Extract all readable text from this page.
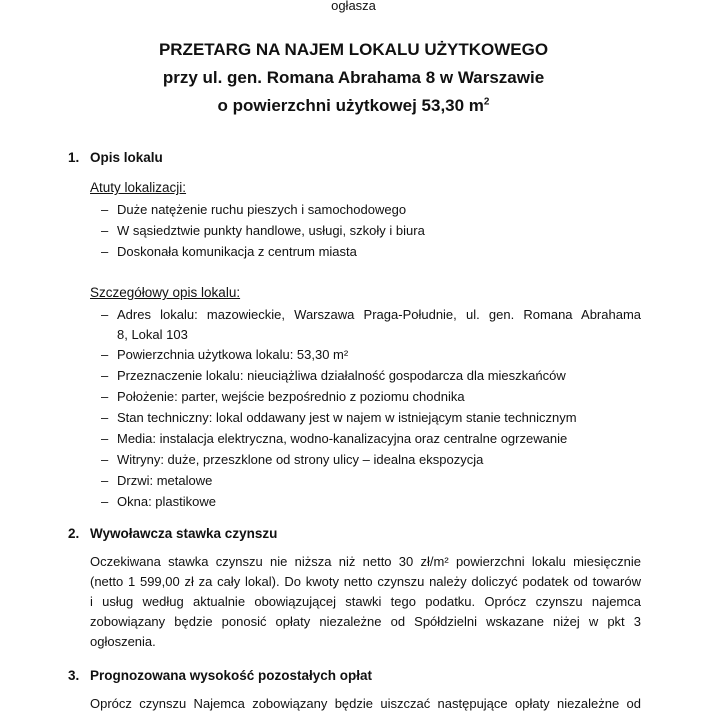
ogłasza
PRZETARG NA NAJEM LOKALU UŻYTKOWEGO
przy ul. gen. Romana Abrahama 8 w Warszawie
o powierzchni użytkowej 53,30 $m^2$
1. Opis lokalu
Atuty lokalizacji:
– Duże natężenie ruchu pieszych i samochodowego
– W sąsiedztwie punkty handlowe, usługi, szkoły i biura
– Doskonała komunikacja z centrum miasta
Szczegółowy opis lokalu:
– Adres lokalu: mazowieckie, Warszawa Praga-Południe, ul. gen. Romana Abrahama
8, Lokal 103
– Powierzchnia użytkowa lokalu: 53,30 m²
– Przeznaczenie lokalu: nieuciążliwa działalność gospodarcza dla mieszkańców
– Położenie: parter, wejście bezpośrednio z poziomu chodnika
– Stan techniczny: lokal oddawany jest w najem w istniejącym stanie technicznym
– Media: instalacja elektryczna, wodno-kanalizacyjna oraz centralne ogrzewanie
– Witryny: duże, przeszklone od strony ulicy – idealna ekspozycja
– Drzwi: metalowe
– Okna: plastikowe
2. Wywoławcza stawka czynszu
Oczekiwana stawka czynszu nie niższa niż netto 30 zł/m² powierzchni lokalu miesięcznie
(netto 1 599,00 zł za cały lokal). Do kwoty netto czynszu należy doliczyć podatek od towarów
i usług według aktualnie obowiązującej stawki tego podatku. Oprócz czynszu najemca
zobowiązany będzie ponosić opłaty niezależne od Spółdzielni wskazane niżej w pkt 3
ogłoszenia.
3. Prognozowana wysokość pozostałych opłat
Oprócz czynszu Najemca zobowiązany będzie uiszczać następujące opłaty niezależne od
